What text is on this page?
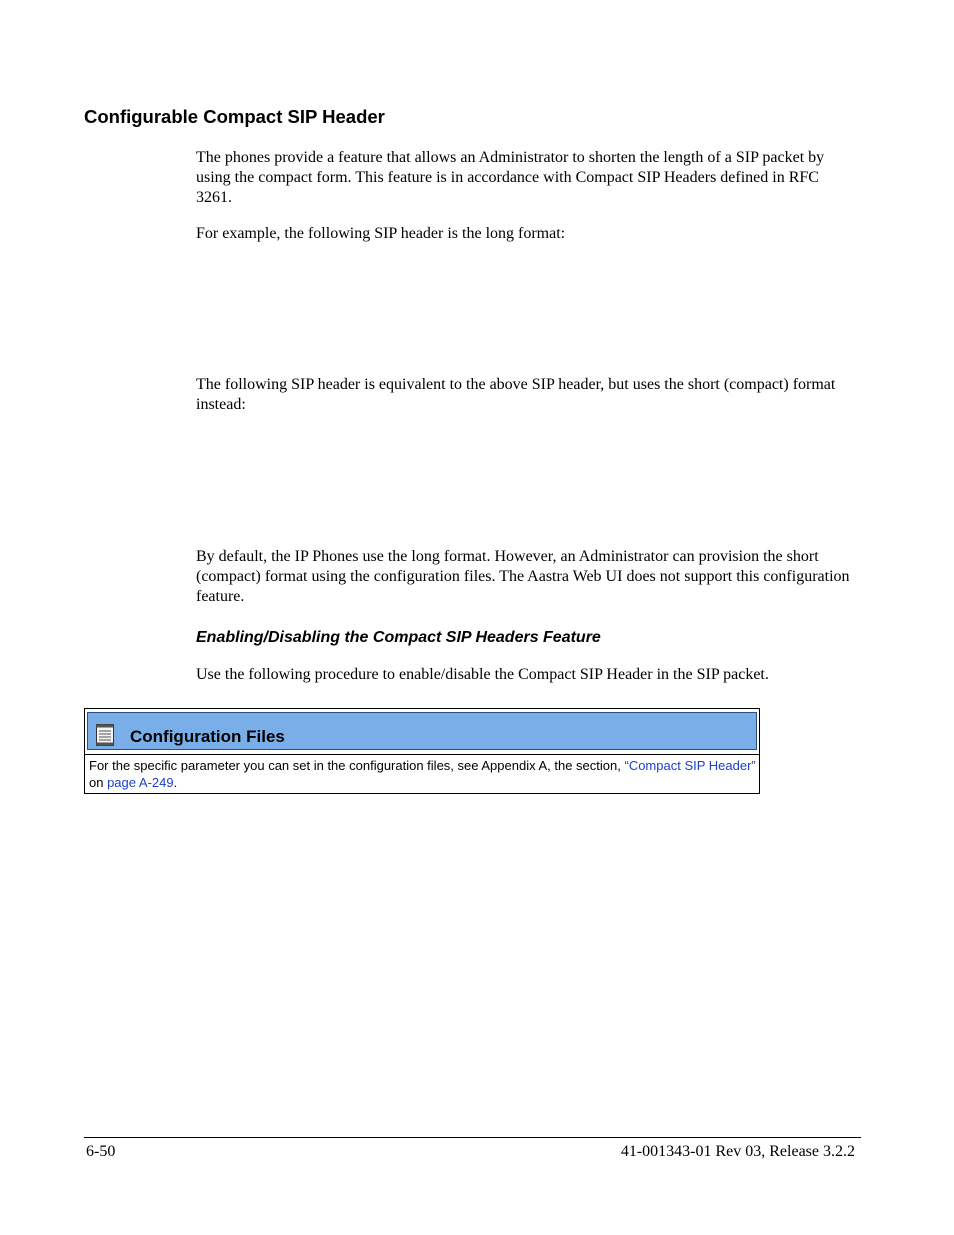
Configurable Compact SIP Header

The phones provide a feature that allows an Administrator to shorten the length of a SIP packet by using the compact form. This feature is in accordance with Compact SIP Headers defined in RFC 3261.

For example, the following SIP header is the long format:

The following SIP header is equivalent to the above SIP header, but uses the short (compact) format instead:

By default, the IP Phones use the long format. However, an Administrator can provision the short (compact) format using the configuration files. The Aastra Web UI does not support this configuration feature.

Enabling/Disabling the Compact SIP Headers Feature

Use the following procedure to enable/disable the Compact SIP Header in the SIP packet.

Configuration Files

For the specific parameter you can set in the configuration files, see Appendix A, the section, “Compact SIP Header” on page A-249.

6-50	41-001343-01 Rev 03, Release 3.2.2
